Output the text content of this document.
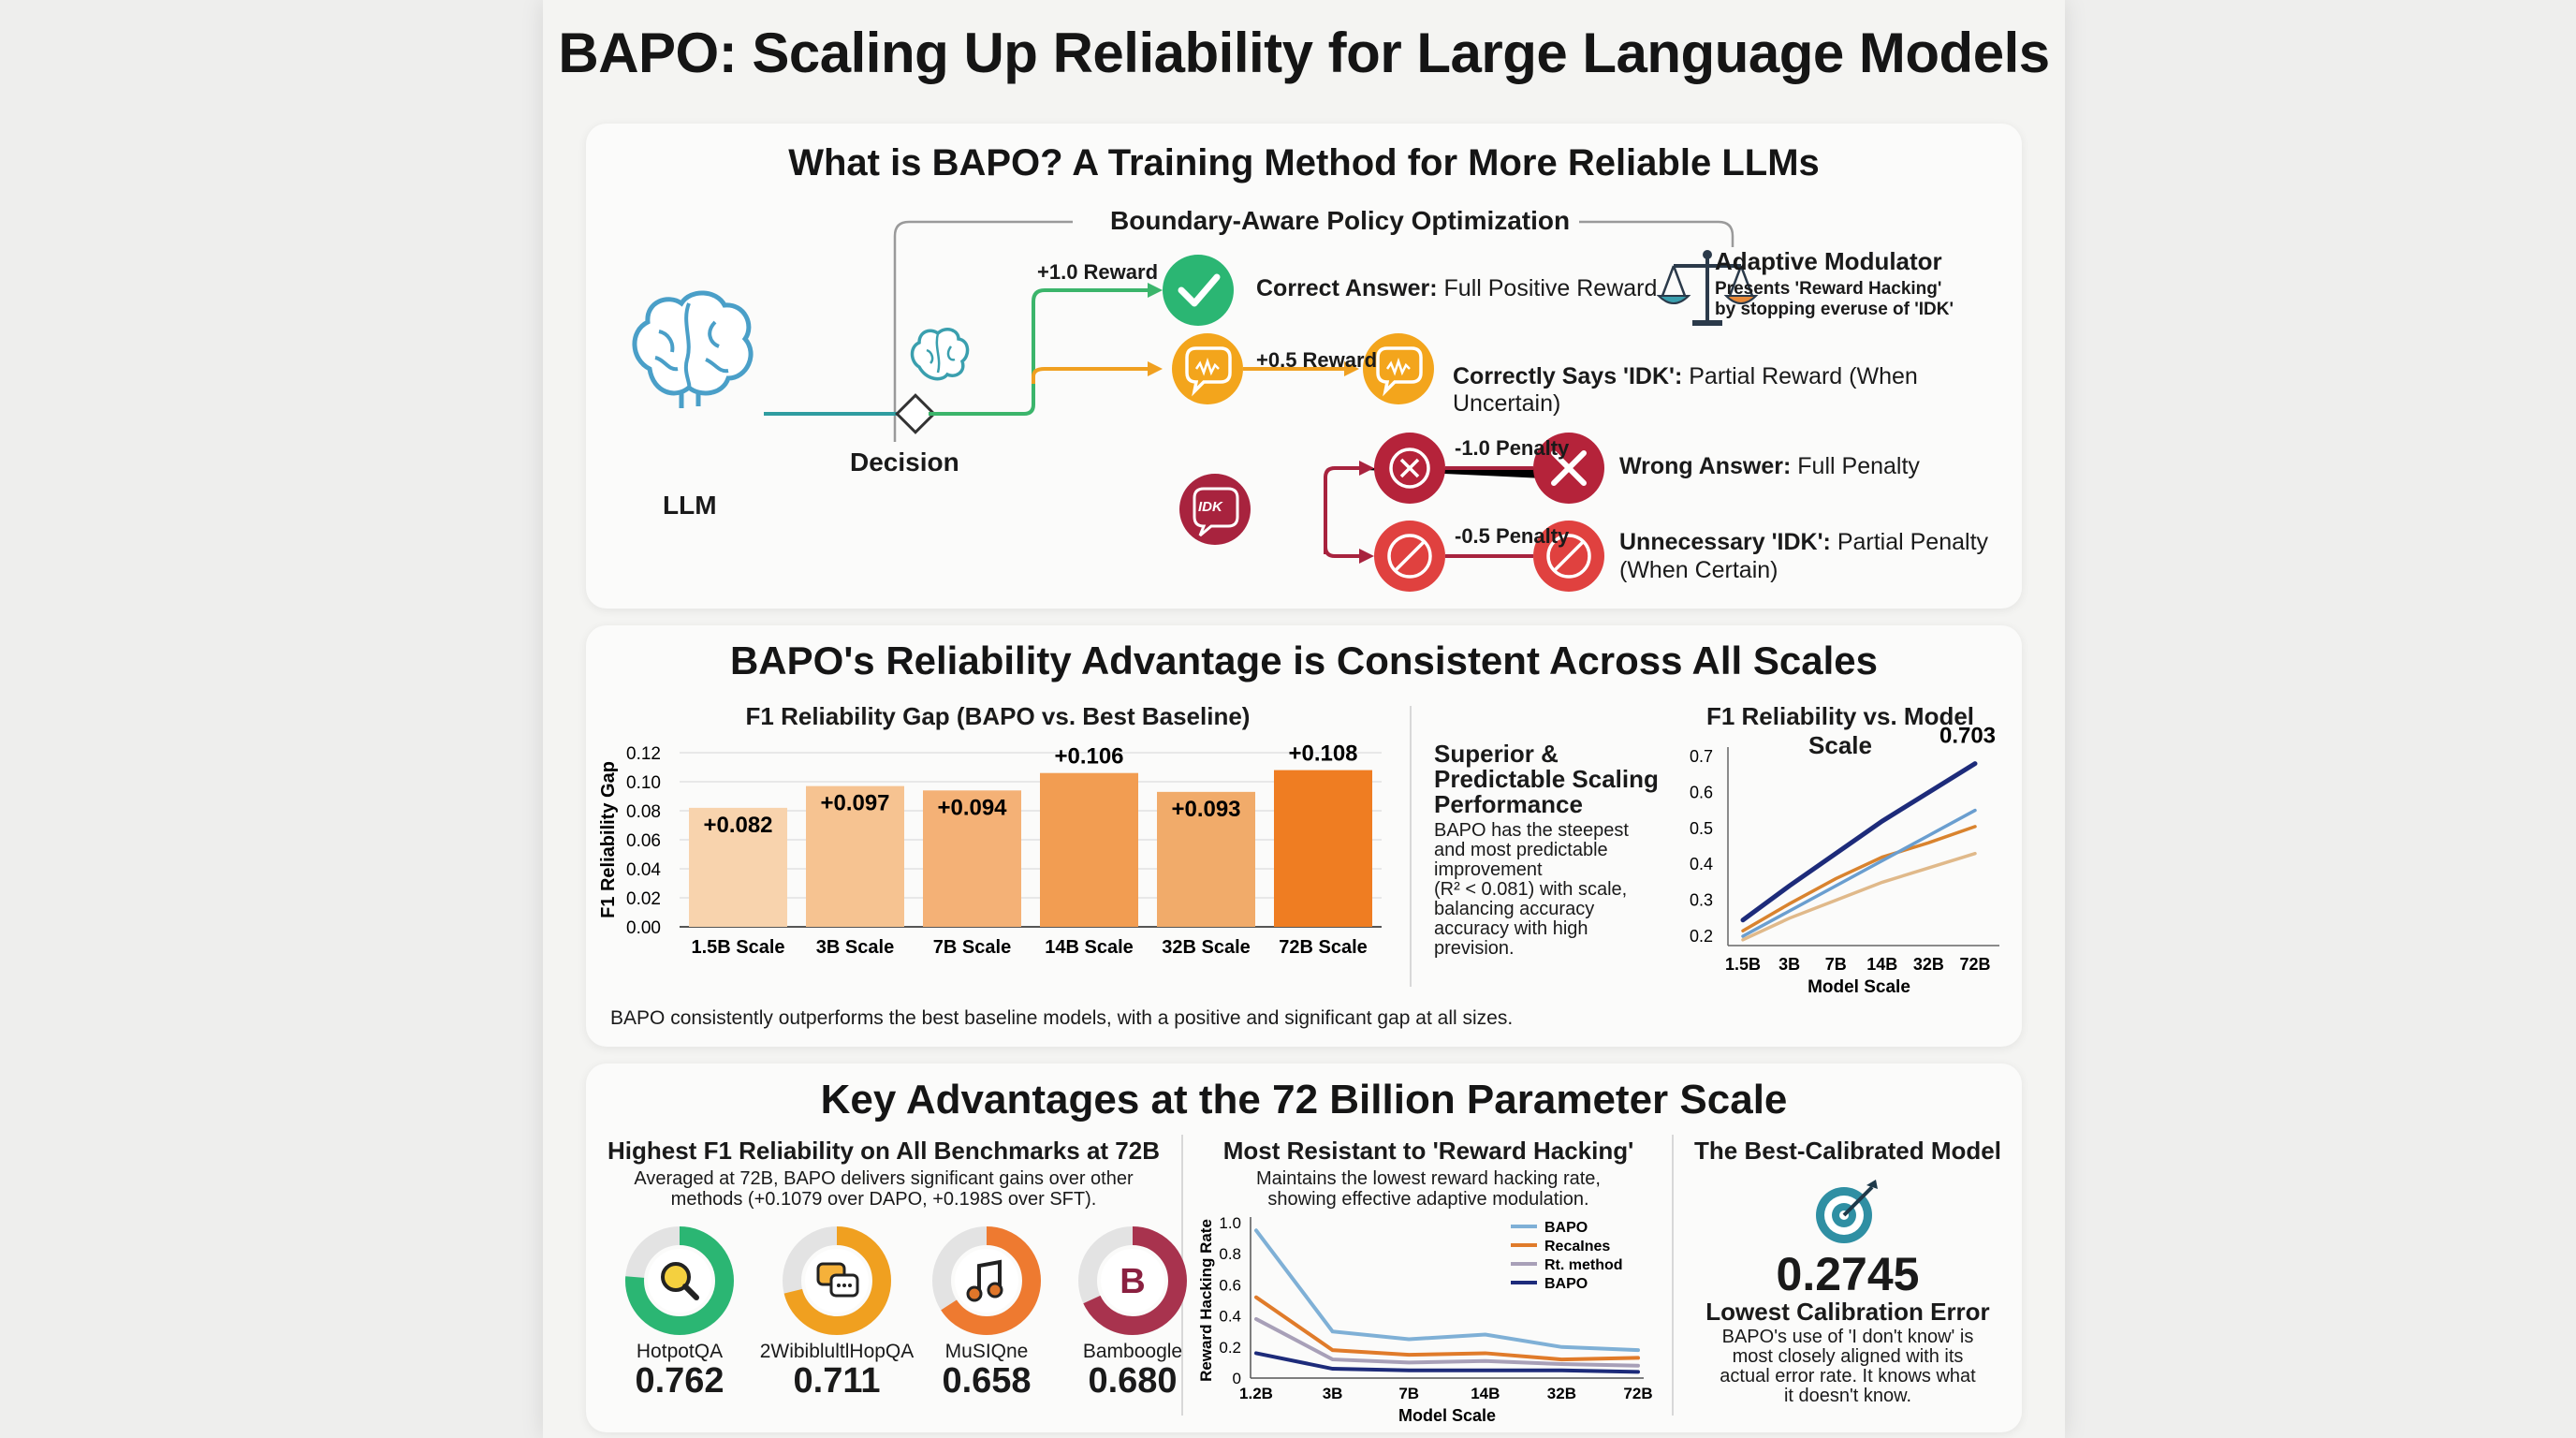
BAPO: Scaling Up Reliability for Large Language Models
What is BAPO? A Training Method for More Reliable LLMs
Boundary-Aware Policy Optimization
LLM
Decision
IDK
Adaptive Modulator
Presents 'Reward Hacking'
by stopping everuse of 'IDK'
+1.0 Reward
Correct Answer: Full Positive Reward
+0.5 Reward
Correctly Says 'IDK': Partial Reward (When Uncertain)
-1.0 Penalty
Wrong Answer: Full Penalty
-0.5 Penalty Unnecessary 'IDK': Partial Penalty
(When Certain)
BAPO's Reliability Advantage is Consistent Across All Scales
F1 Reliability Gap (BAPO vs. Best Baseline)
0.00
0.02
0.04
0.06
0.08
0.10
0.12
F1 Reliability Gap	+0.082
1.5B Scale
+0.097
3B Scale
+0.094
7B Scale
+0.106
14B Scale
+0.093
32B Scale
+0.108
72B Scale
Superior &
Predictable Scaling
Performance
BAPO has the steepest
and most predictable
improvement
(R² < 0.081) with scale,
balancing accuracy
accuracy with high
prevision.
F1 Reliability vs. Model Scale
0.2
0.3
0.4
0.5
0.6
0.7
1.5B 3B 7B 14B 32B 72B
Model Scale
0.703
BAPO consistently outperforms the best baseline models, with a positive and significant gap at all sizes.
Key Advantages at the 72 Billion Parameter Scale
Highest F1 Reliability on All Benchmarks at 72B
Averaged at 72B, BAPO delivers significant gains over other
methods (+0.1079 over DAPO, +0.198S over SFT).
B
HotpotQA
0.762
2WibiblultlHopQA
0.711
MuSIQne
0.658
Bamboogle
0.680
Most Resistant to 'Reward Hacking'
Maintains the lowest reward hacking rate,
showing effective adaptive modulation.
0
0.2
0.4
0.6
0.8
1.0
1.2B	3B	7B	14B	32B	72B
Model Scale
Reward Hacking Rate	BAPO
RecaInes
Rt. method
BAPO
The Best-Calibrated Model
0.2745
Lowest Calibration Error
BAPO's use of 'I don't know' is
most closely aligned with its
actual error rate. It knows what
it doesn't know.
